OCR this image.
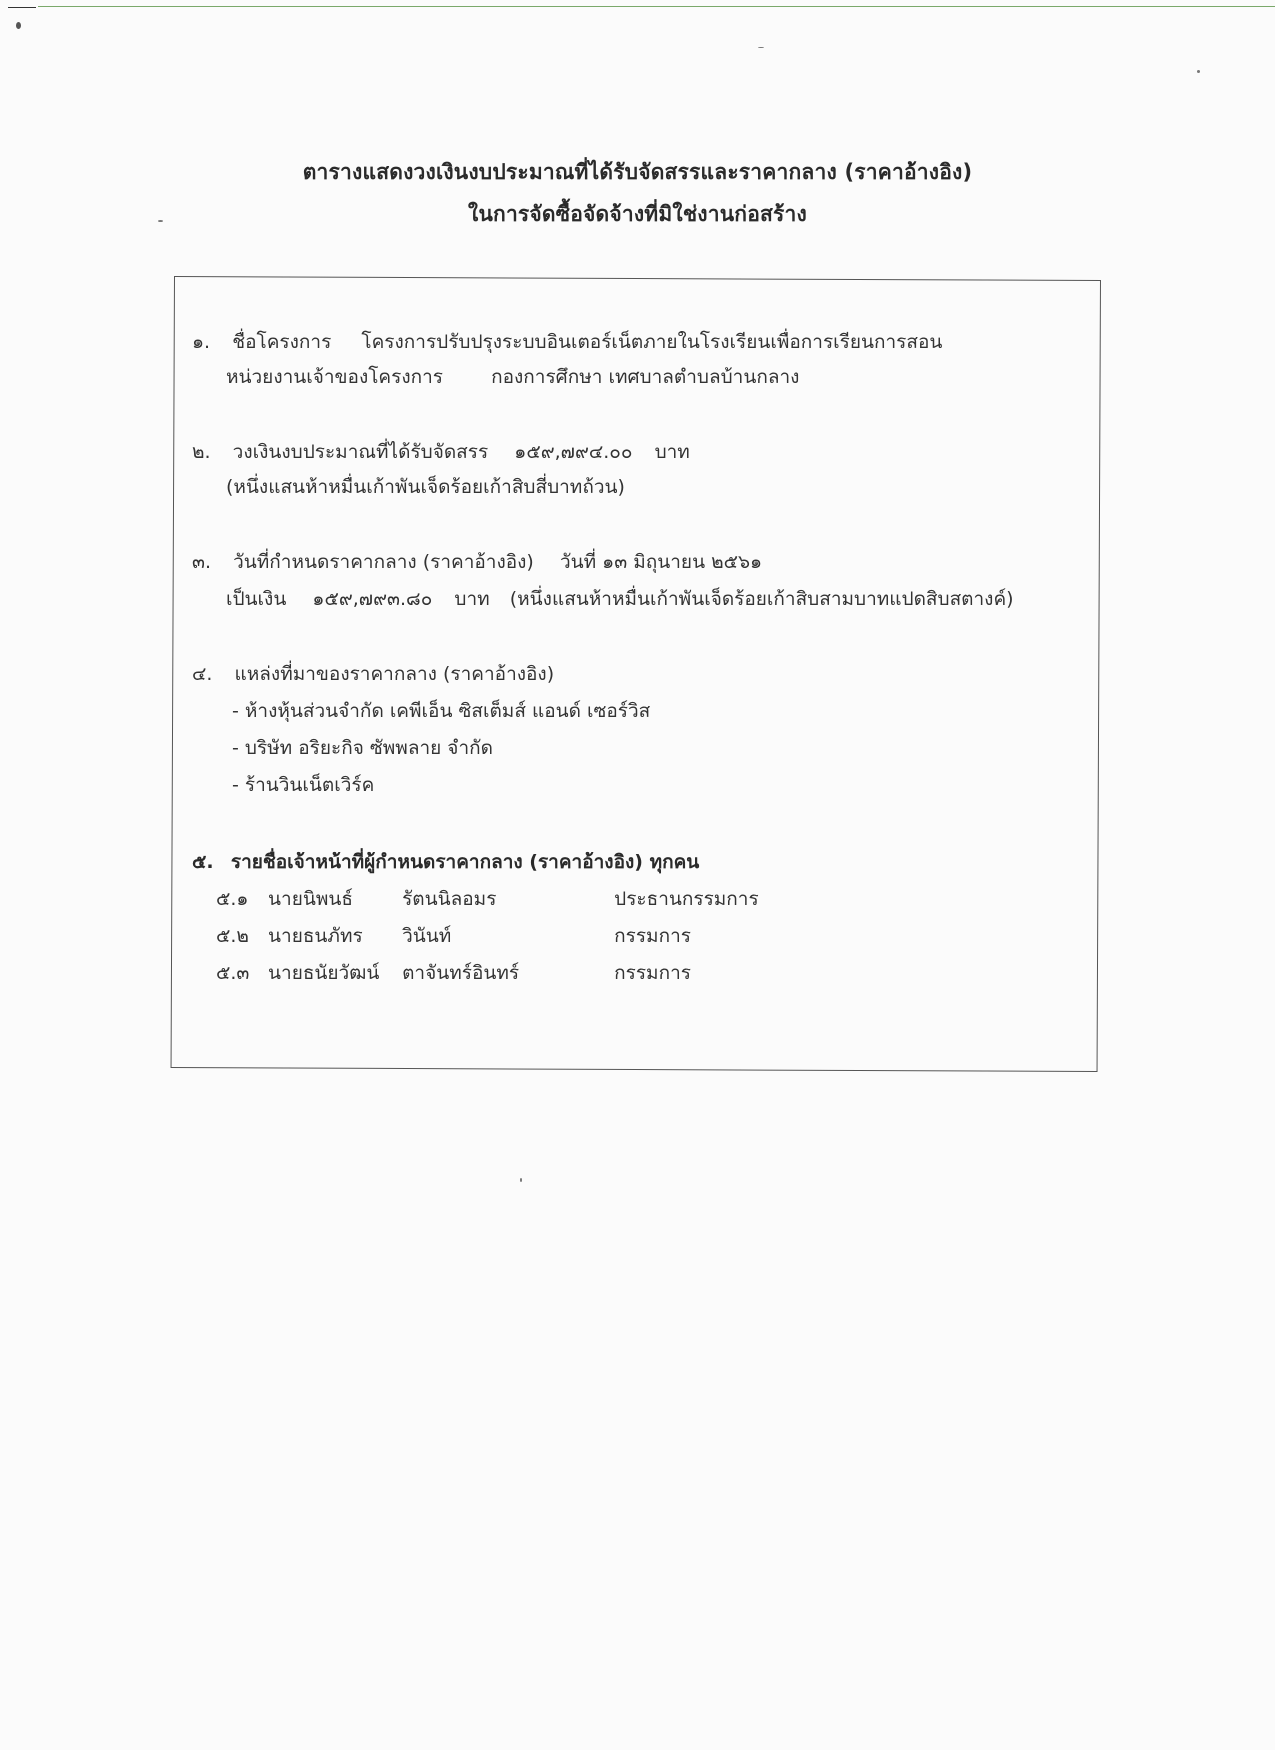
ตารางแสดงวงเงินงบประมาณที่ได้รับจัดสรรและราคากลาง (ราคาอ้างอิง)
ในการจัดซื้อจัดจ้างที่มิใช่งานก่อสร้าง
๑. ชื่อโครงการ โครงการปรับปรุงระบบอินเตอร์เน็ตภายในโรงเรียนเพื่อการเรียนการสอน
หน่วยงานเจ้าของโครงการ	กองการศึกษา เทศบาลตำบลบ้านกลาง
๒. วงเงินงบประมาณที่ได้รับจัดสรร ๑๕๙,๗๙๔.๐๐ บาท
(หนึ่งแสนห้าหมื่นเก้าพันเจ็ดร้อยเก้าสิบสี่บาทถ้วน)
๓. วันที่กำหนดราคากลาง (ราคาอ้างอิง) วันที่ ๑๓ มิถุนายน ๒๕๖๑
เป็นเงิน ๑๕๙,๗๙๓.๘๐ บาท (หนึ่งแสนห้าหมื่นเก้าพันเจ็ดร้อยเก้าสิบสามบาทแปดสิบสตางค์)
๔. แหล่งที่มาของราคากลาง (ราคาอ้างอิง)
- ห้างหุ้นส่วนจำกัด เคพีเอ็น ซิสเต็มส์ แอนด์ เซอร์วิส
- บริษัท อริยะกิจ ซัพพลาย จำกัด
- ร้านวินเน็ตเวิร์ค
๕. รายชื่อเจ้าหน้าที่ผู้กำหนดราคากลาง (ราคาอ้างอิง) ทุกคน
๕.๑ นายนิพนธ์	รัตนนิลอมร	ประธานกรรมการ
๕.๒ นายธนภัทร วินันท์	กรรมการ
๕.๓ นายธนัยวัฒน์ ตาจันทร์อินทร์	กรรมการ
